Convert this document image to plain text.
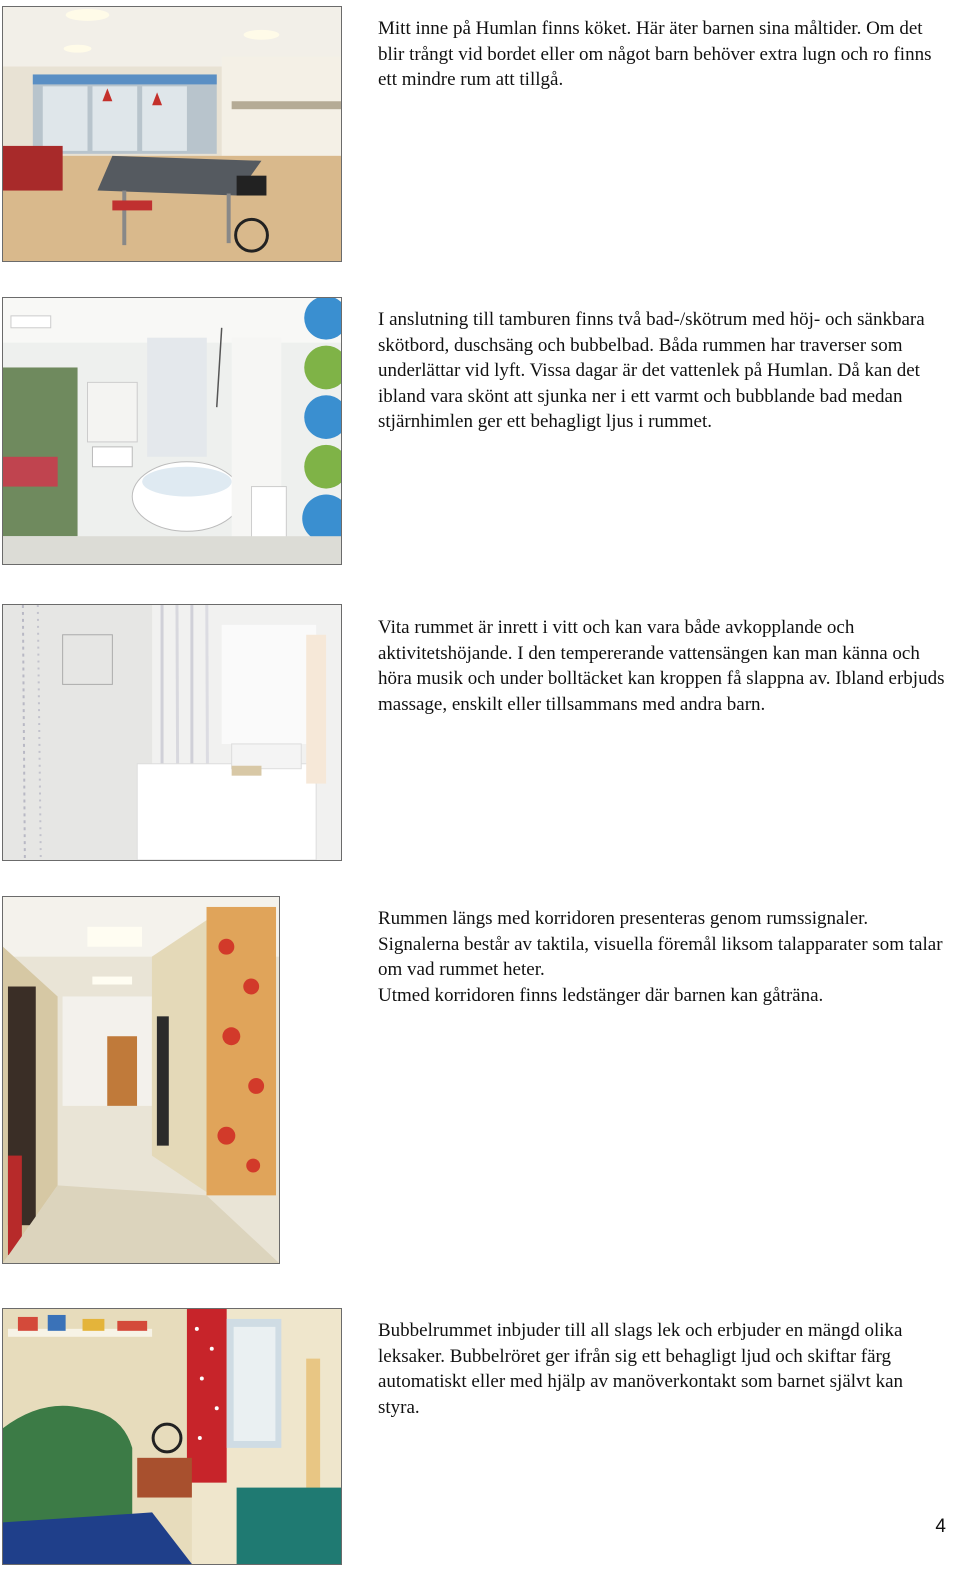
Mitt inne på Humlan finns köket. Här äter barnen sina måltider. Om det blir trångt vid bordet eller om något barn behöver extra lugn och ro finns ett mindre rum att tillgå.

I anslutning till tamburen finns två bad-/skötrum med höj- och sänkbara skötbord, duschsäng och bubbelbad. Båda rummen har traverser som underlättar vid lyft. Vissa dagar är det vattenlek på Humlan. Då kan det ibland vara skönt att sjunka ner i ett varmt och bubblande bad medan stjärnhimlen ger ett behagligt ljus i rummet.

Vita rummet är inrett i vitt och kan vara både avkopplande och aktivitetshöjande. I den tempererande vattensängen kan man känna och höra musik och under bolltäcket kan kroppen få slappna av. Ibland erbjuds massage, enskilt eller tillsammans med andra barn.

Rummen längs med korridoren presenteras genom rumssignaler. Signalerna består av taktila, visuella föremål liksom talapparater som talar om vad rummet heter.
Utmed korridoren finns ledstänger där barnen kan gåträna.

Bubbelrummet inbjuder till all slags lek och erbjuder en mängd olika leksaker. Bubbelröret ger ifrån sig ett behagligt ljud och skiftar färg automatiskt eller med hjälp av manöverkontakt som barnet självt kan styra.

4
